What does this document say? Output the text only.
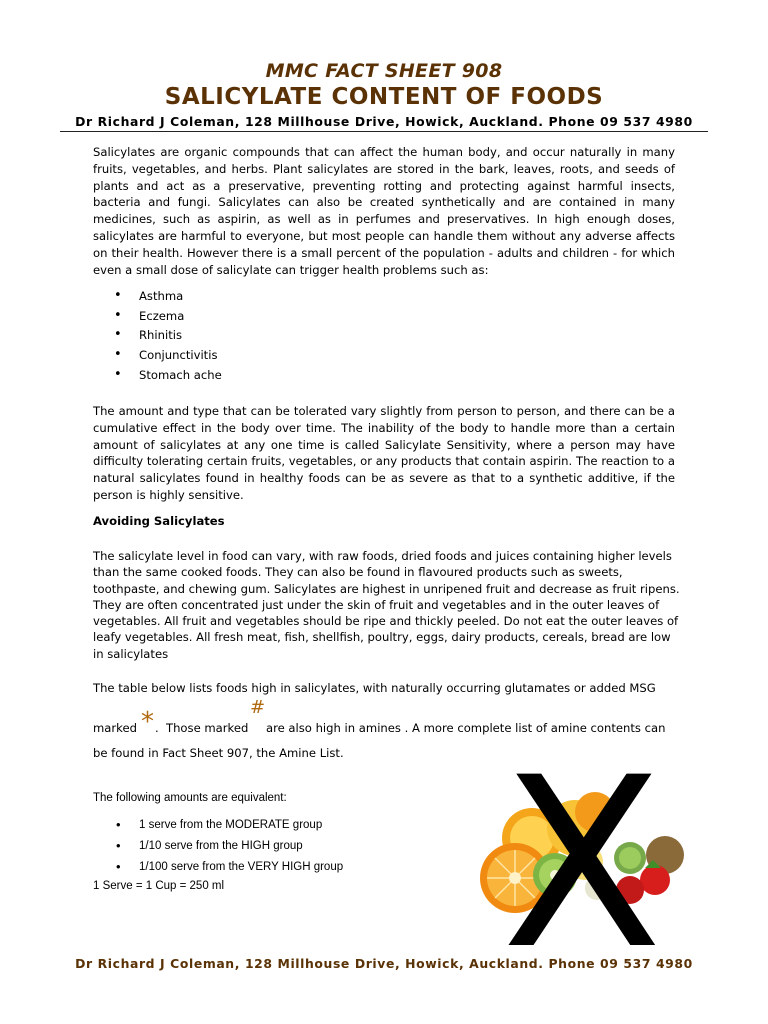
MMC FACT SHEET 908
SALICYLATE CONTENT OF FOODS
Dr Richard J Coleman, 128 Millhouse Drive, Howick, Auckland. Phone 09 537 4980
Salicylates are organic compounds that can affect the human body, and occur naturally in many fruits, vegetables, and herbs. Plant salicylates are stored in the bark, leaves, roots, and seeds of plants and act as a preservative, preventing rotting and protecting against harmful insects, bacteria and fungi. Salicylates can also be created synthetically and are contained in many medicines, such as aspirin, as well as in perfumes and preservatives. In high enough doses, salicylates are harmful to everyone, but most people can handle them without any adverse affects on their health. However there is a small percent of the population - adults and children - for which even a small dose of salicylate can trigger health problems such as:
• Asthma
• Eczema
• Rhinitis
• Conjunctivitis
• Stomach ache
The amount and type that can be tolerated vary slightly from person to person, and there can be a cumulative effect in the body over time. The inability of the body to handle more than a certain amount of salicylates at any one time is called Salicylate Sensitivity, where a person may have difficulty tolerating certain fruits, vegetables, or any products that contain aspirin. The reaction to a natural salicylates found in healthy foods can be as severe as that to a synthetic additive, if the person is highly sensitive.
Avoiding Salicylates
The salicylate level in food can vary, with raw foods, dried foods and juices containing higher levels than the same cooked foods. They can also be found in flavoured products such as sweets, toothpaste, and chewing gum. Salicylates are highest in unripened fruit and decrease as fruit ripens. They are often concentrated just under the skin of fruit and vegetables and in the outer leaves of vegetables. All fruit and vegetables should be ripe and thickly peeled. Do not eat the outer leaves of leafy vegetables. All fresh meat, fish, shellfish, poultry, eggs, dairy products, cereals, bread are low in salicylates
The table below lists foods high in salicylates, with naturally occurring glutamates or added MSG
marked * . Those marked
#
are also high in amines . A more complete list of amine contents can
be found in Fact Sheet 907, the Amine List.
The following amounts are equivalent:
• 1 serve from the MODERATE group
• 1/10 serve from the HIGH group
• 1/100 serve from the VERY HIGH group
1 Serve = 1 Cup = 250 ml X
Dr Richard J Coleman, 128 Millhouse Drive, Howick, Auckland. Phone 09 537 4980
